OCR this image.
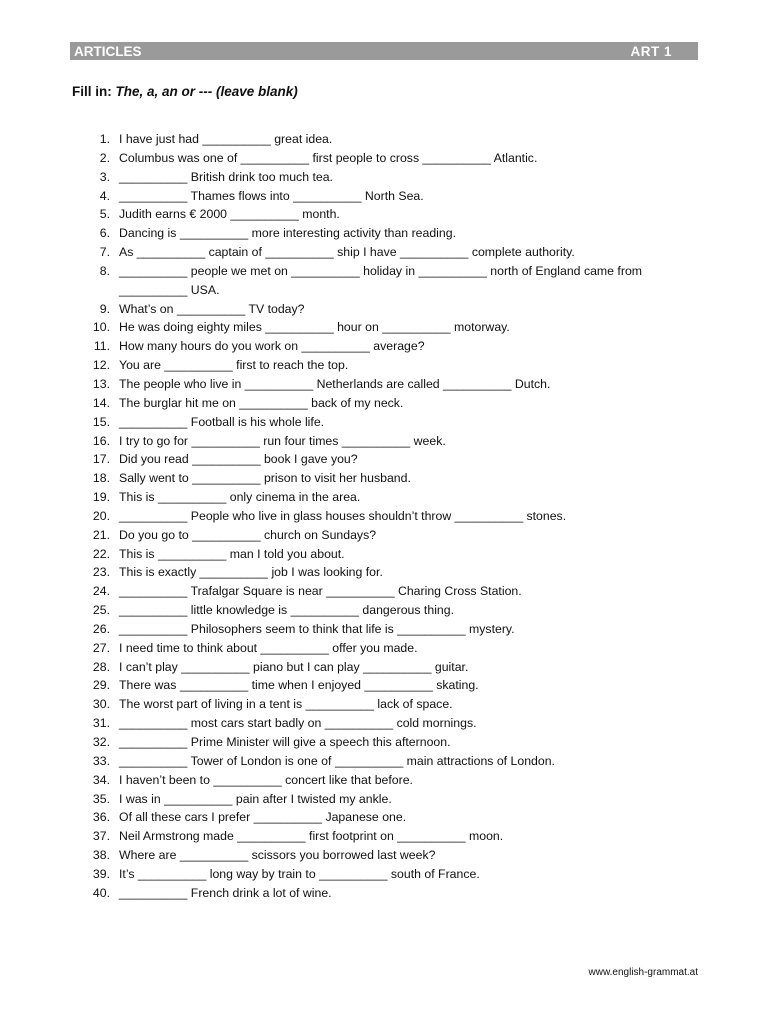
ARTICLES	ART 1
Fill in: The, a, an or --- (leave blank)
1. I have just had __________ great idea.
2. Columbus was one of __________ first people to cross __________ Atlantic.
3. __________ British drink too much tea.
4. __________ Thames flows into __________ North Sea.
5. Judith earns € 2000 __________ month.
6. Dancing is __________ more interesting activity than reading.
7. As __________ captain of __________ ship I have __________ complete authority.
8. __________ people we met on __________ holiday in __________ north of England came from __________ USA.
9. What’s on __________ TV today?
10. He was doing eighty miles __________ hour on __________ motorway.
11. How many hours do you work on __________ average?
12. You are __________ first to reach the top.
13. The people who live in __________ Netherlands are called __________ Dutch.
14. The burglar hit me on __________ back of my neck.
15. __________ Football is his whole life.
16. I try to go for __________ run four times __________ week.
17. Did you read __________ book I gave you?
18. Sally went to __________ prison to visit her husband.
19. This is __________ only cinema in the area.
20. __________ People who live in glass houses shouldn’t throw __________ stones.
21. Do you go to __________ church on Sundays?
22. This is __________ man I told you about.
23. This is exactly __________ job I was looking for.
24. __________ Trafalgar Square is near __________ Charing Cross Station.
25. __________ little knowledge is __________ dangerous thing.
26. __________ Philosophers seem to think that life is __________ mystery.
27. I need time to think about __________ offer you made.
28. I can’t play __________ piano but I can play __________ guitar.
29. There was __________ time when I enjoyed __________ skating.
30. The worst part of living in a tent is __________ lack of space.
31. __________ most cars start badly on __________ cold mornings.
32. __________ Prime Minister will give a speech this afternoon.
33. __________ Tower of London is one of __________ main attractions of London.
34. I haven’t been to __________ concert like that before.
35. I was in __________ pain after I twisted my ankle.
36. Of all these cars I prefer __________ Japanese one.
37. Neil Armstrong made __________ first footprint on __________ moon.
38. Where are __________ scissors you borrowed last week?
39. It’s __________ long way by train to __________ south of France.
40. __________ French drink a lot of wine.
www.english-grammat.at
